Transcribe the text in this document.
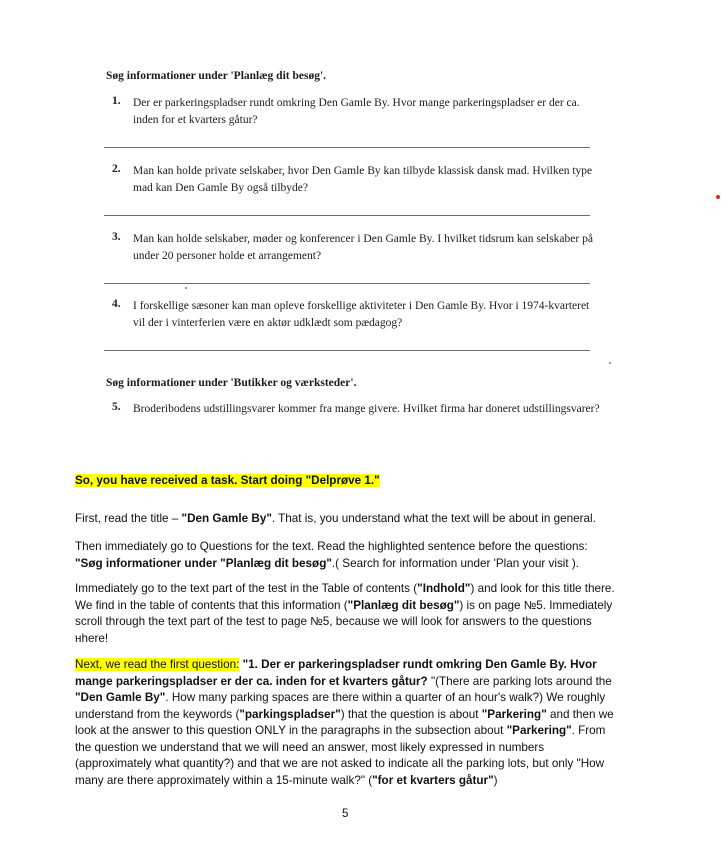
Søg informationer under 'Planlæg dit besøg'.
1. Der er parkeringspladser rundt omkring Den Gamle By. Hvor mange parkeringspladser er der ca. inden for et kvarters gåtur?
2. Man kan holde private selskaber, hvor Den Gamle By kan tilbyde klassisk dansk mad. Hvilken type mad kan Den Gamle By også tilbyde?
3. Man kan holde selskaber, møder og konferencer i Den Gamle By. I hvilket tidsrum kan selskaber på under 20 personer holde et arrangement?
4. I forskellige sæsoner kan man opleve forskellige aktiviteter i Den Gamle By. Hvor i 1974-kvarteret vil der i vinterferien være en aktør udklædt som pædagog?
Søg informationer under 'Butikker og værksteder'.
5. Broderibodens udstillingsvarer kommer fra mange givere. Hvilket firma har doneret udstillingsvarer?

So, you have received a task. Start doing "Delprøve 1."

First, read the title – "Den Gamle By". That is, you understand what the text will be about in general.

Then immediately go to Questions for the text. Read the highlighted sentence before the questions: "Søg informationer under "Planlæg dit besøg".( Search for information under 'Plan your visit ).

Immediately go to the text part of the test in the Table of contents ("Indhold") and look for this title there. We find in the table of contents that this information ("Planlæg dit besøg") is on page №5. Immediately scroll through the text part of the test to page №5, because we will look for answers to the questions нhere!

Next, we read the first question: "1. Der er parkeringspladser rundt omkring Den Gamle By. Hvor mange parkeringspladser er der ca. inden for et kvarters gåtur? "(There are parking lots around the "Den Gamle By". How many parking spaces are there within a quarter of an hour's walk?) We roughly understand from the keywords ("parkingspladser") that the question is about "Parkering" and then we look at the answer to this question ONLY in the paragraphs in the subsection about "Parkering". From the question we understand that we will need an answer, most likely expressed in numbers (approximately what quantity?) and that we are not asked to indicate all the parking lots, but only "How many are there approximately within a 15-minute walk?" ("for et kvarters gåtur")

5
